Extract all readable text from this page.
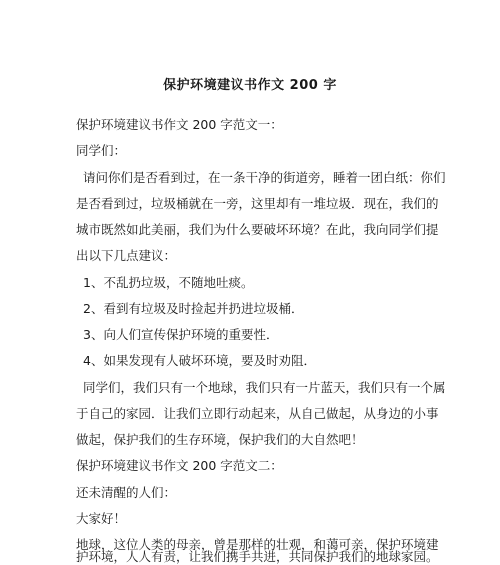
保护环境建议书作文 200 字
保护环境建议书作文 200 字范文一：
同学们：
请问你们是否看到过，在一条干净的街道旁，睡着一团白纸：你们
是否看到过，垃圾桶就在一旁，这里却有一堆垃圾．现在，我们的
城市既然如此美丽，我们为什么要破坏环境？在此，我向同学们提
出以下几点建议：
1、不乱扔垃圾，不随地吐痰。
2、看到有垃圾及时捡起并扔进垃圾桶．
3、向人们宣传保护环境的重要性．
4、如果发现有人破坏环境，要及时劝阻．
同学们，我们只有一个地球，我们只有一片蓝天，我们只有一个属
于自己的家园．让我们立即行动起来，从自己做起，从身边的小事
做起，保护我们的生存环境，保护我们的大自然吧！
保护环境建议书作文 200 字范文二：
还未清醒的人们：
大家好！
地球，这位人类的母亲，曾是那样的壮观，和蔼可亲，保护环境建
护环境，人人有责，让我们携手共进，共同保护我们的地球家园。
